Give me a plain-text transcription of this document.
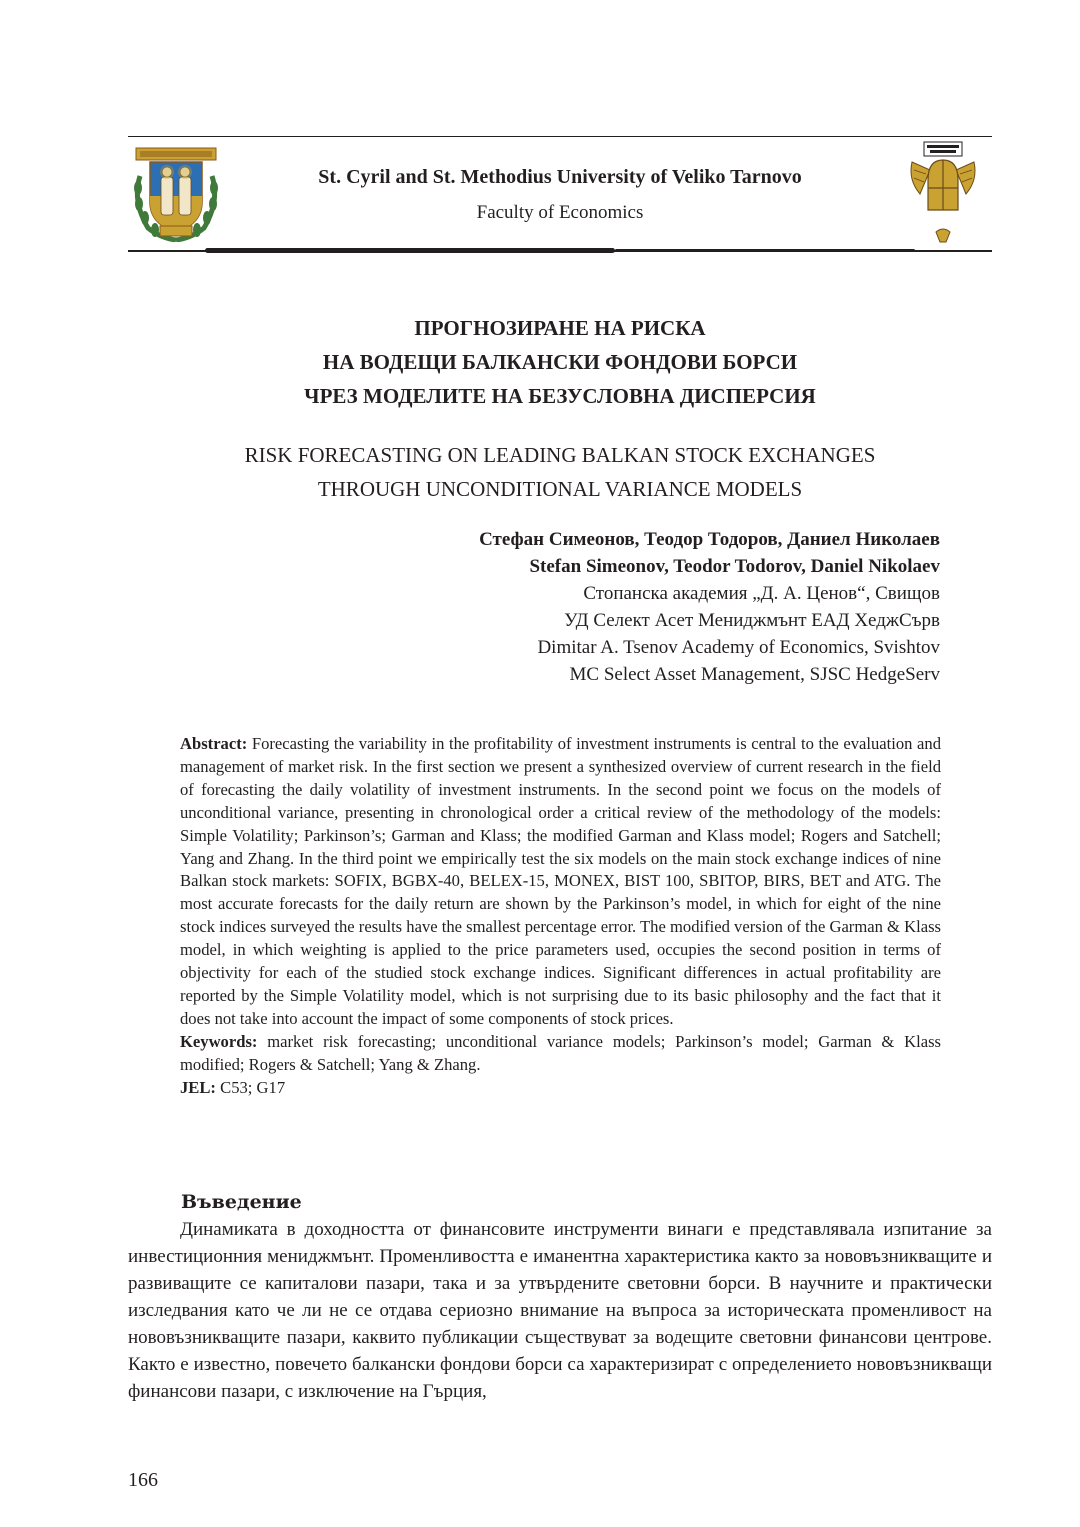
St. Cyril and St. Methodius University of Veliko Tarnovo
Faculty of Economics
ПРОГНОЗИРАНЕ НА РИСКА
НА ВОДЕЩИ БАЛКАНСКИ ФОНДОВИ БОРСИ
ЧРЕЗ МОДЕЛИТЕ НА БЕЗУСЛОВНА ДИСПЕРСИЯ
RISK FORECASTING ON LEADING BALKAN STOCK EXCHANGES
THROUGH UNCONDITIONAL VARIANCE MODELS
Стефан Симеонов, Теодор Тодоров, Даниел Николаев
Stefan Simeonov, Teodor Todorov, Daniel Nikolaev
Стопанска академия „Д. А. Ценов“, Свищов
УД Селект Асет Мениджмънт ЕАД ХеджСърв
Dimitar A. Tsenov Academy of Economics, Svishtov
MC Select Asset Management, SJSC HedgeServ

Abstract: Forecasting the variability in the profitability of investment instruments is central to the evaluation and management of market risk. In the first section we present a synthesized overview of current research in the field of forecasting the daily volatility of investment instruments. In the second point we focus on the models of unconditional variance, presenting in chronological order a critical review of the methodology of the models: Simple Volatility; Parkinson’s; Garman and Klass; the modified Garman and Klass model; Rogers and Satchell; Yang and Zhang. In the third point we empirically test the six models on the main stock exchange indices of nine Balkan stock markets: SOFIX, BGBX-40, BELEX-15, MONEX, BIST 100, SBITOP, BIRS, BET and ATG. The most accurate forecasts for the daily return are shown by the Parkinson’s model, in which for eight of the nine stock indices surveyed the results have the smallest percentage error. The modified version of the Garman & Klass model, in which weighting is applied to the price parameters used, occupies the second position in terms of objectivity for each of the studied stock exchange indices. Significant differences in actual profitability are reported by the Simple Volatility model, which is not surprising due to its basic philosophy and the fact that it does not take into account the impact of some components of stock prices.

Keywords: market risk forecasting; unconditional variance models; Parkinson’s model; Garman & Klass modified; Rogers & Satchell; Yang & Zhang.

JEL: C53; G17

Въведение

Динамиката в доходността от финансовите инструменти винаги е представлявала изпитание за инвестиционния мениджмънт. Променливостта е иманентна характеристика както за нововъзникващите и развиващите се капиталови пазари, така и за утвърдените световни борси. В научните и практически изследвания като че ли не се отдава сериозно внимание на въпроса за историческата променливост на нововъзникващите пазари, каквито публикации съществуват за водещите световни финансови центрове. Както е известно, повечето балкански фондови борси са характеризират с определението нововъзникващи финансови пазари, с изключение на Гърция,

166
